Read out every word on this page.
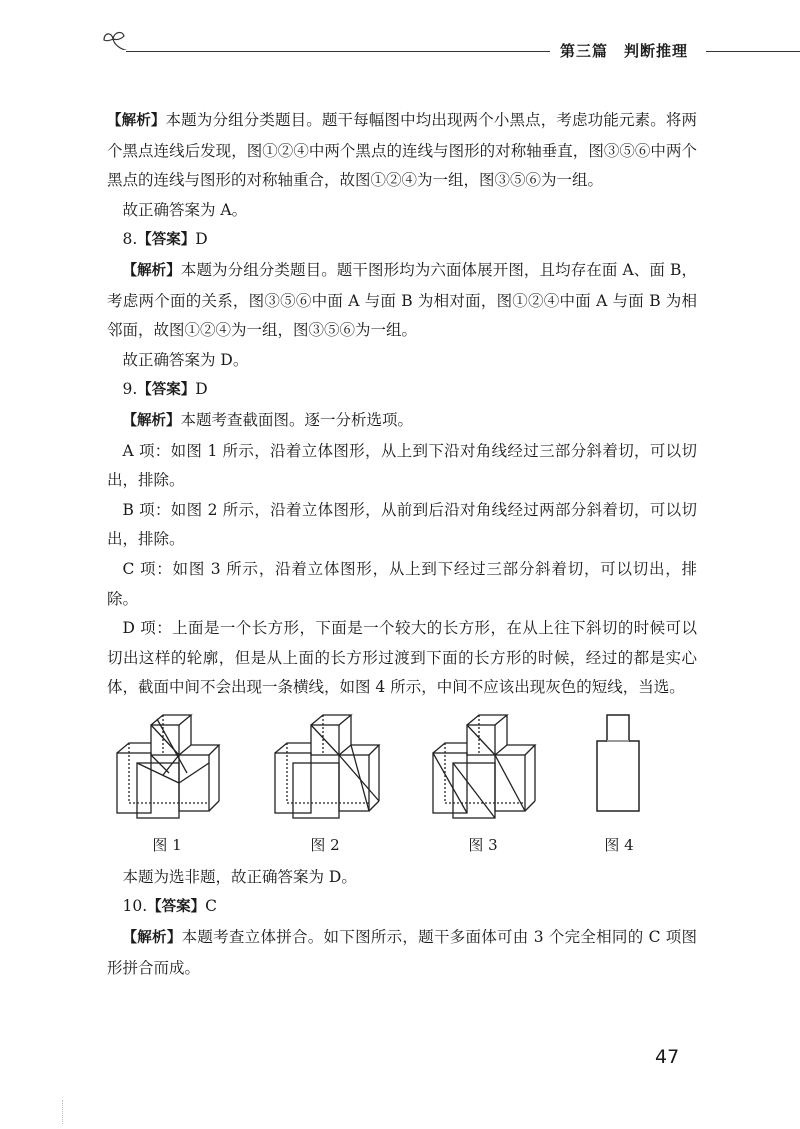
第三篇　判断推理

【解析】本题为分组分类题目。题干每幅图中均出现两个小黑点，考虑功能元素。将两个黑点连线后发现，图①②④中两个黑点的连线与图形的对称轴垂直，图③⑤⑥中两个黑点的连线与图形的对称轴重合，故图①②④为一组，图③⑤⑥为一组。

故正确答案为 A。

8.【答案】D

【解析】本题为分组分类题目。题干图形均为六面体展开图，且均存在面 A、面 B，考虑两个面的关系，图③⑤⑥中面 A 与面 B 为相对面，图①②④中面 A 与面 B 为相邻面，故图①②④为一组，图③⑤⑥为一组。

故正确答案为 D。

9.【答案】D

【解析】本题考查截面图。逐一分析选项。

A 项：如图 1 所示，沿着立体图形，从上到下沿对角线经过三部分斜着切，可以切出，排除。

B 项：如图 2 所示，沿着立体图形，从前到后沿对角线经过两部分斜着切，可以切出，排除。

C 项：如图 3 所示，沿着立体图形，从上到下经过三部分斜着切，可以切出，排除。

D 项：上面是一个长方形，下面是一个较大的长方形，在从上往下斜切的时候可以切出这样的轮廓，但是从上面的长方形过渡到下面的长方形的时候，经过的都是实心体，截面中间不会出现一条横线，如图 4 所示，中间不应该出现灰色的短线，当选。

图 1	图 2	图 3	图 4

本题为选非题，故正确答案为 D。

10.【答案】C

【解析】本题考查立体拼合。如下图所示，题干多面体可由 3 个完全相同的 C 项图形拼合而成。

47
